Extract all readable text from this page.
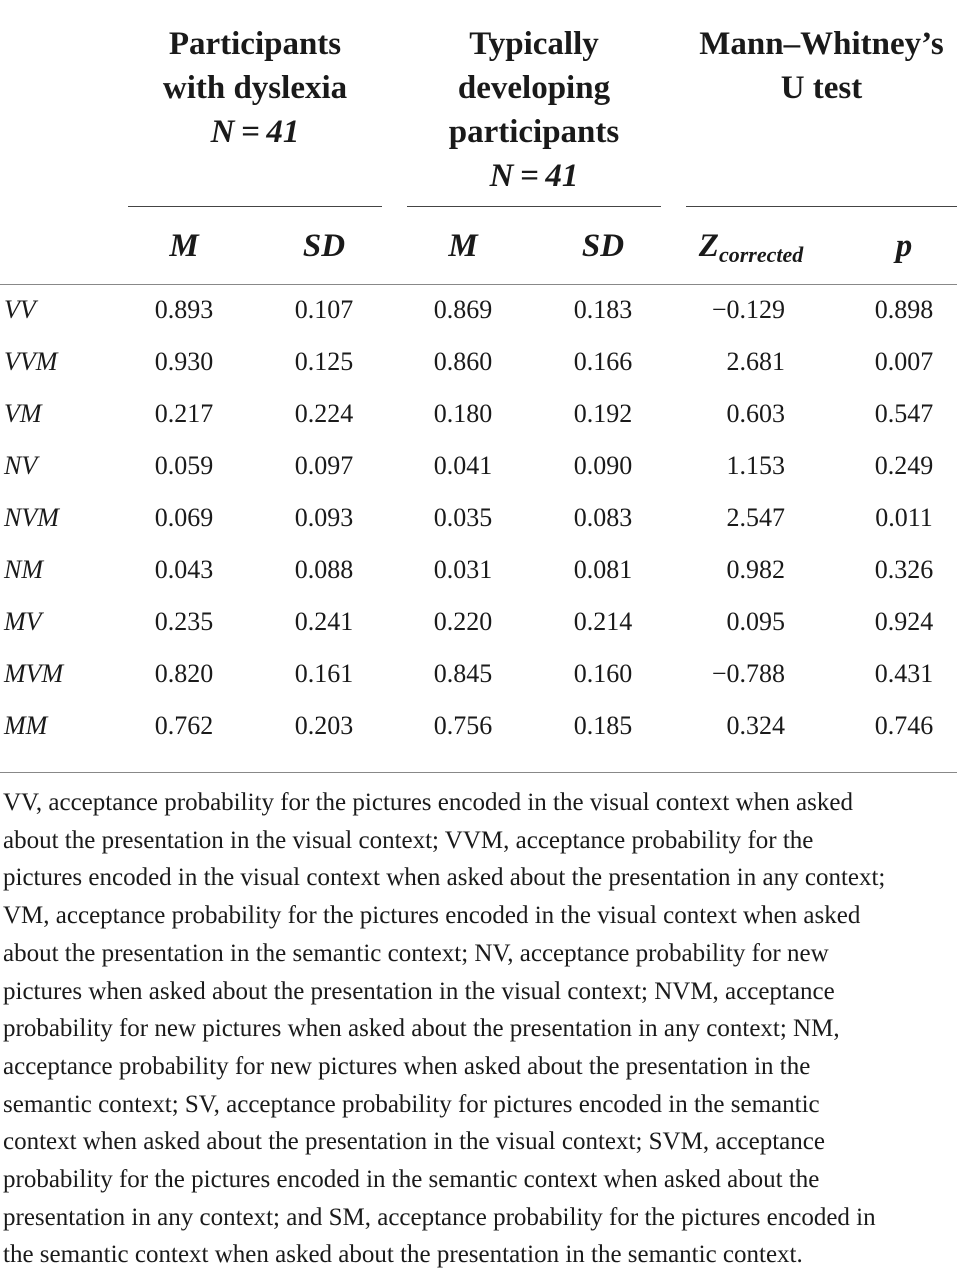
Participants
with dyslexia
N = 41
Typically
developing
participants
N = 41
Mann–Whitney’s
U test
M	SD	M	SD	$Z_{corrected}$	p
VV	0.893	0.107	0.869	0.183	−0.129	0.898
VVM	0.930	0.125	0.860	0.166	2.681	0.007
VM	0.217	0.224	0.180	0.192	0.603	0.547
NV	0.059	0.097	0.041	0.090	1.153	0.249
NVM	0.069	0.093	0.035	0.083	2.547	0.011
NM	0.043	0.088	0.031	0.081	0.982	0.326
MV	0.235	0.241	0.220	0.214	0.095	0.924
MVM	0.820	0.161	0.845	0.160	−0.788	0.431
MM	0.762	0.203	0.756	0.185	0.324	0.746
VV, acceptance probability for the pictures encoded in the visual context when asked
about the presentation in the visual context; VVM, acceptance probability for the
pictures encoded in the visual context when asked about the presentation in any context;
VM, acceptance probability for the pictures encoded in the visual context when asked
about the presentation in the semantic context; NV, acceptance probability for new
pictures when asked about the presentation in the visual context; NVM, acceptance
probability for new pictures when asked about the presentation in any context; NM,
acceptance probability for new pictures when asked about the presentation in the
semantic context; SV, acceptance probability for pictures encoded in the semantic
context when asked about the presentation in the visual context; SVM, acceptance
probability for the pictures encoded in the semantic context when asked about the
presentation in any context; and SM, acceptance probability for the pictures encoded in
the semantic context when asked about the presentation in the semantic context.
